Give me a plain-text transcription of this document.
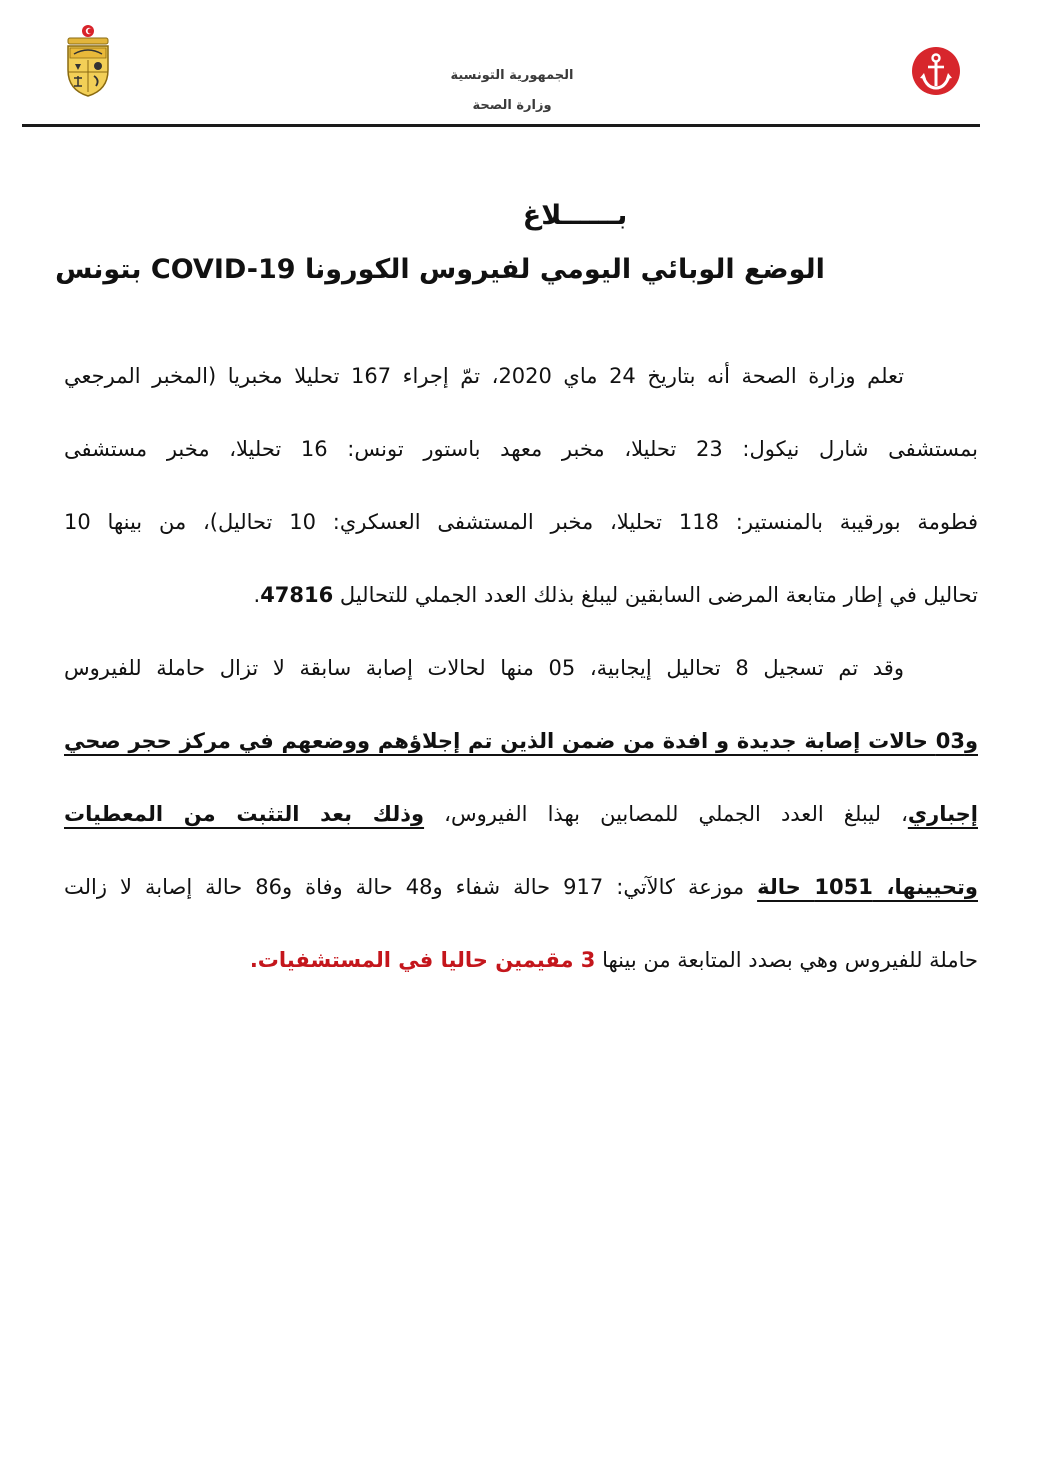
الجمهورية التونسية
وزارة الصحة
بــــــلاغ
الوضع الوبائي اليومي لفيروس الكورونا COVID-19 بتونس
تعلم وزارة الصحة أنه بتاريخ 24 ماي 2020، تمّ إجراء 167 تحليلا مخبريا (المخبر المرجعي
بمستشفى شارل نيكول: 23 تحليلا، مخبر معهد باستور تونس: 16 تحليلا، مخبر مستشفى
فطومة بورقيبة بالمنستير: 118 تحليلا، مخبر المستشفى العسكري: 10 تحاليل)، من بينها 10
تحاليل في إطار متابعة المرضى السابقين ليبلغ بذلك العدد الجملي للتحاليل 47816.
وقد تم تسجيل 8 تحاليل إيجابية، 05 منها لحالات إصابة سابقة لا تزال حاملة للفيروس
و03 حالات إصابة جديدة و افدة من ضمن الذين تم إجلاؤهم ووضعهم في مركز حجر صحي
إجباري، ليبلغ العدد الجملي للمصابين بهذا الفيروس، وذلك بعد التثبت من المعطيات
وتحيينها، 1051 حالة موزعة كالآتي: 917 حالة شفاء و48 حالة وفاة و86 حالة إصابة لا زالت
حاملة للفيروس وهي بصدد المتابعة من بينها 3 مقيمين حاليا في المستشفيات.
